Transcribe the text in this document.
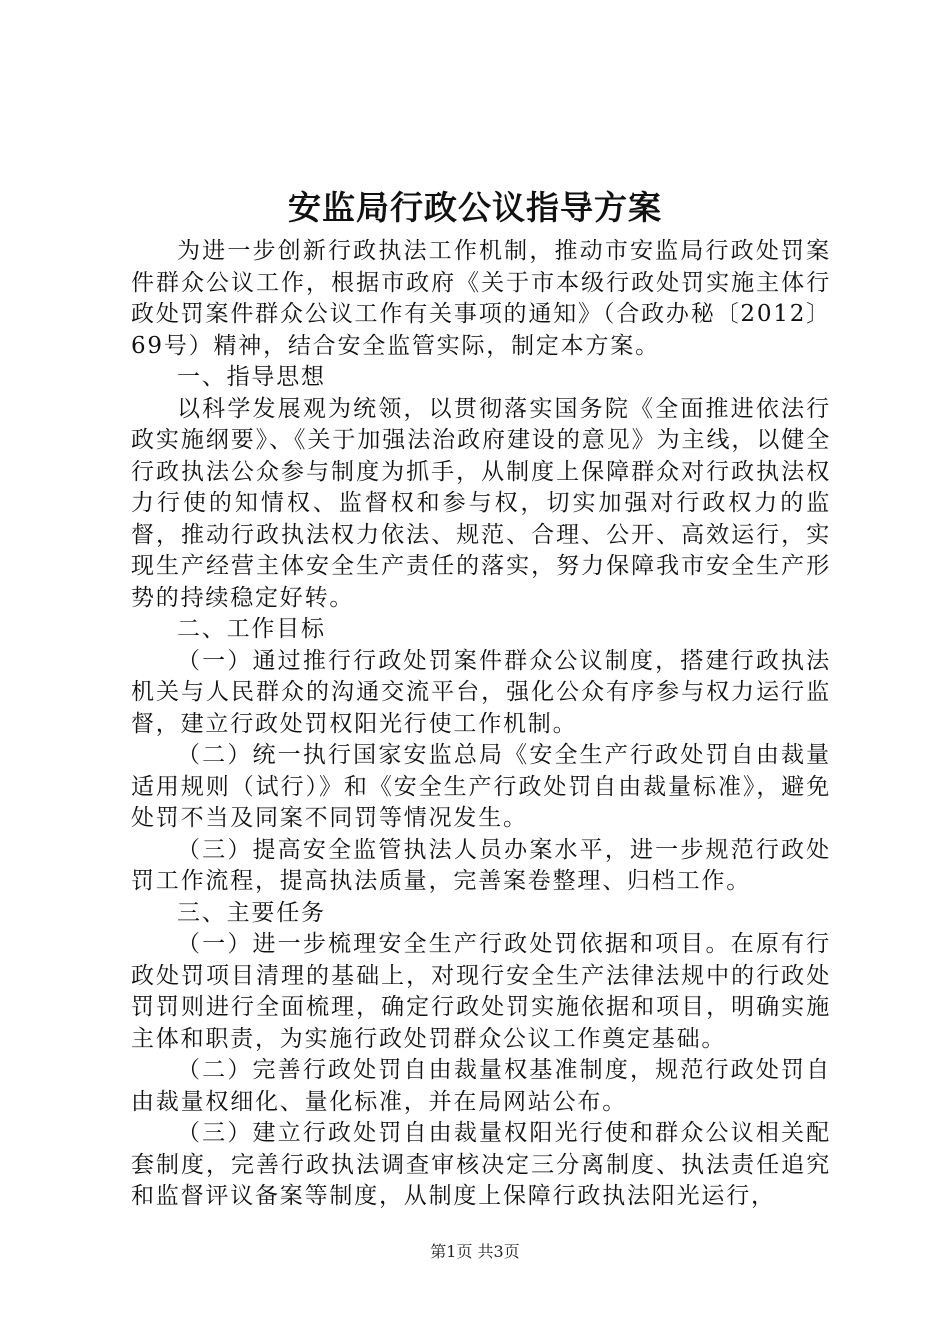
安监局行政公议指导方案

为进一步创新行政执法工作机制，推动市安监局行政处罚案件群众公议工作，根据市政府《关于市本级行政处罚实施主体行政处罚案件群众公议工作有关事项的通知》（合政办秘〔2012〕69号）精神，结合安全监管实际，制定本方案。

一、指导思想

以科学发展观为统领，以贯彻落实国务院《全面推进依法行政实施纲要》、《关于加强法治政府建设的意见》为主线，以健全行政执法公众参与制度为抓手，从制度上保障群众对行政执法权力行使的知情权、监督权和参与权，切实加强对行政权力的监督，推动行政执法权力依法、规范、合理、公开、高效运行，实现生产经营主体安全生产责任的落实，努力保障我市安全生产形势的持续稳定好转。

二、工作目标

（一）通过推行行政处罚案件群众公议制度，搭建行政执法机关与人民群众的沟通交流平台，强化公众有序参与权力运行监督，建立行政处罚权阳光行使工作机制。

（二）统一执行国家安监总局《安全生产行政处罚自由裁量适用规则（试行）》和《安全生产行政处罚自由裁量标准》，避免处罚不当及同案不同罚等情况发生。

（三）提高安全监管执法人员办案水平，进一步规范行政处罚工作流程，提高执法质量，完善案卷整理、归档工作。

三、主要任务

（一）进一步梳理安全生产行政处罚依据和项目。在原有行政处罚项目清理的基础上，对现行安全生产法律法规中的行政处罚罚则进行全面梳理，确定行政处罚实施依据和项目，明确实施主体和职责，为实施行政处罚群众公议工作奠定基础。

（二）完善行政处罚自由裁量权基准制度，规范行政处罚自由裁量权细化、量化标准，并在局网站公布。

（三）建立行政处罚自由裁量权阳光行使和群众公议相关配套制度，完善行政执法调查审核决定三分离制度、执法责任追究和监督评议备案等制度，从制度上保障行政执法阳光运行，

第1页 共3页
